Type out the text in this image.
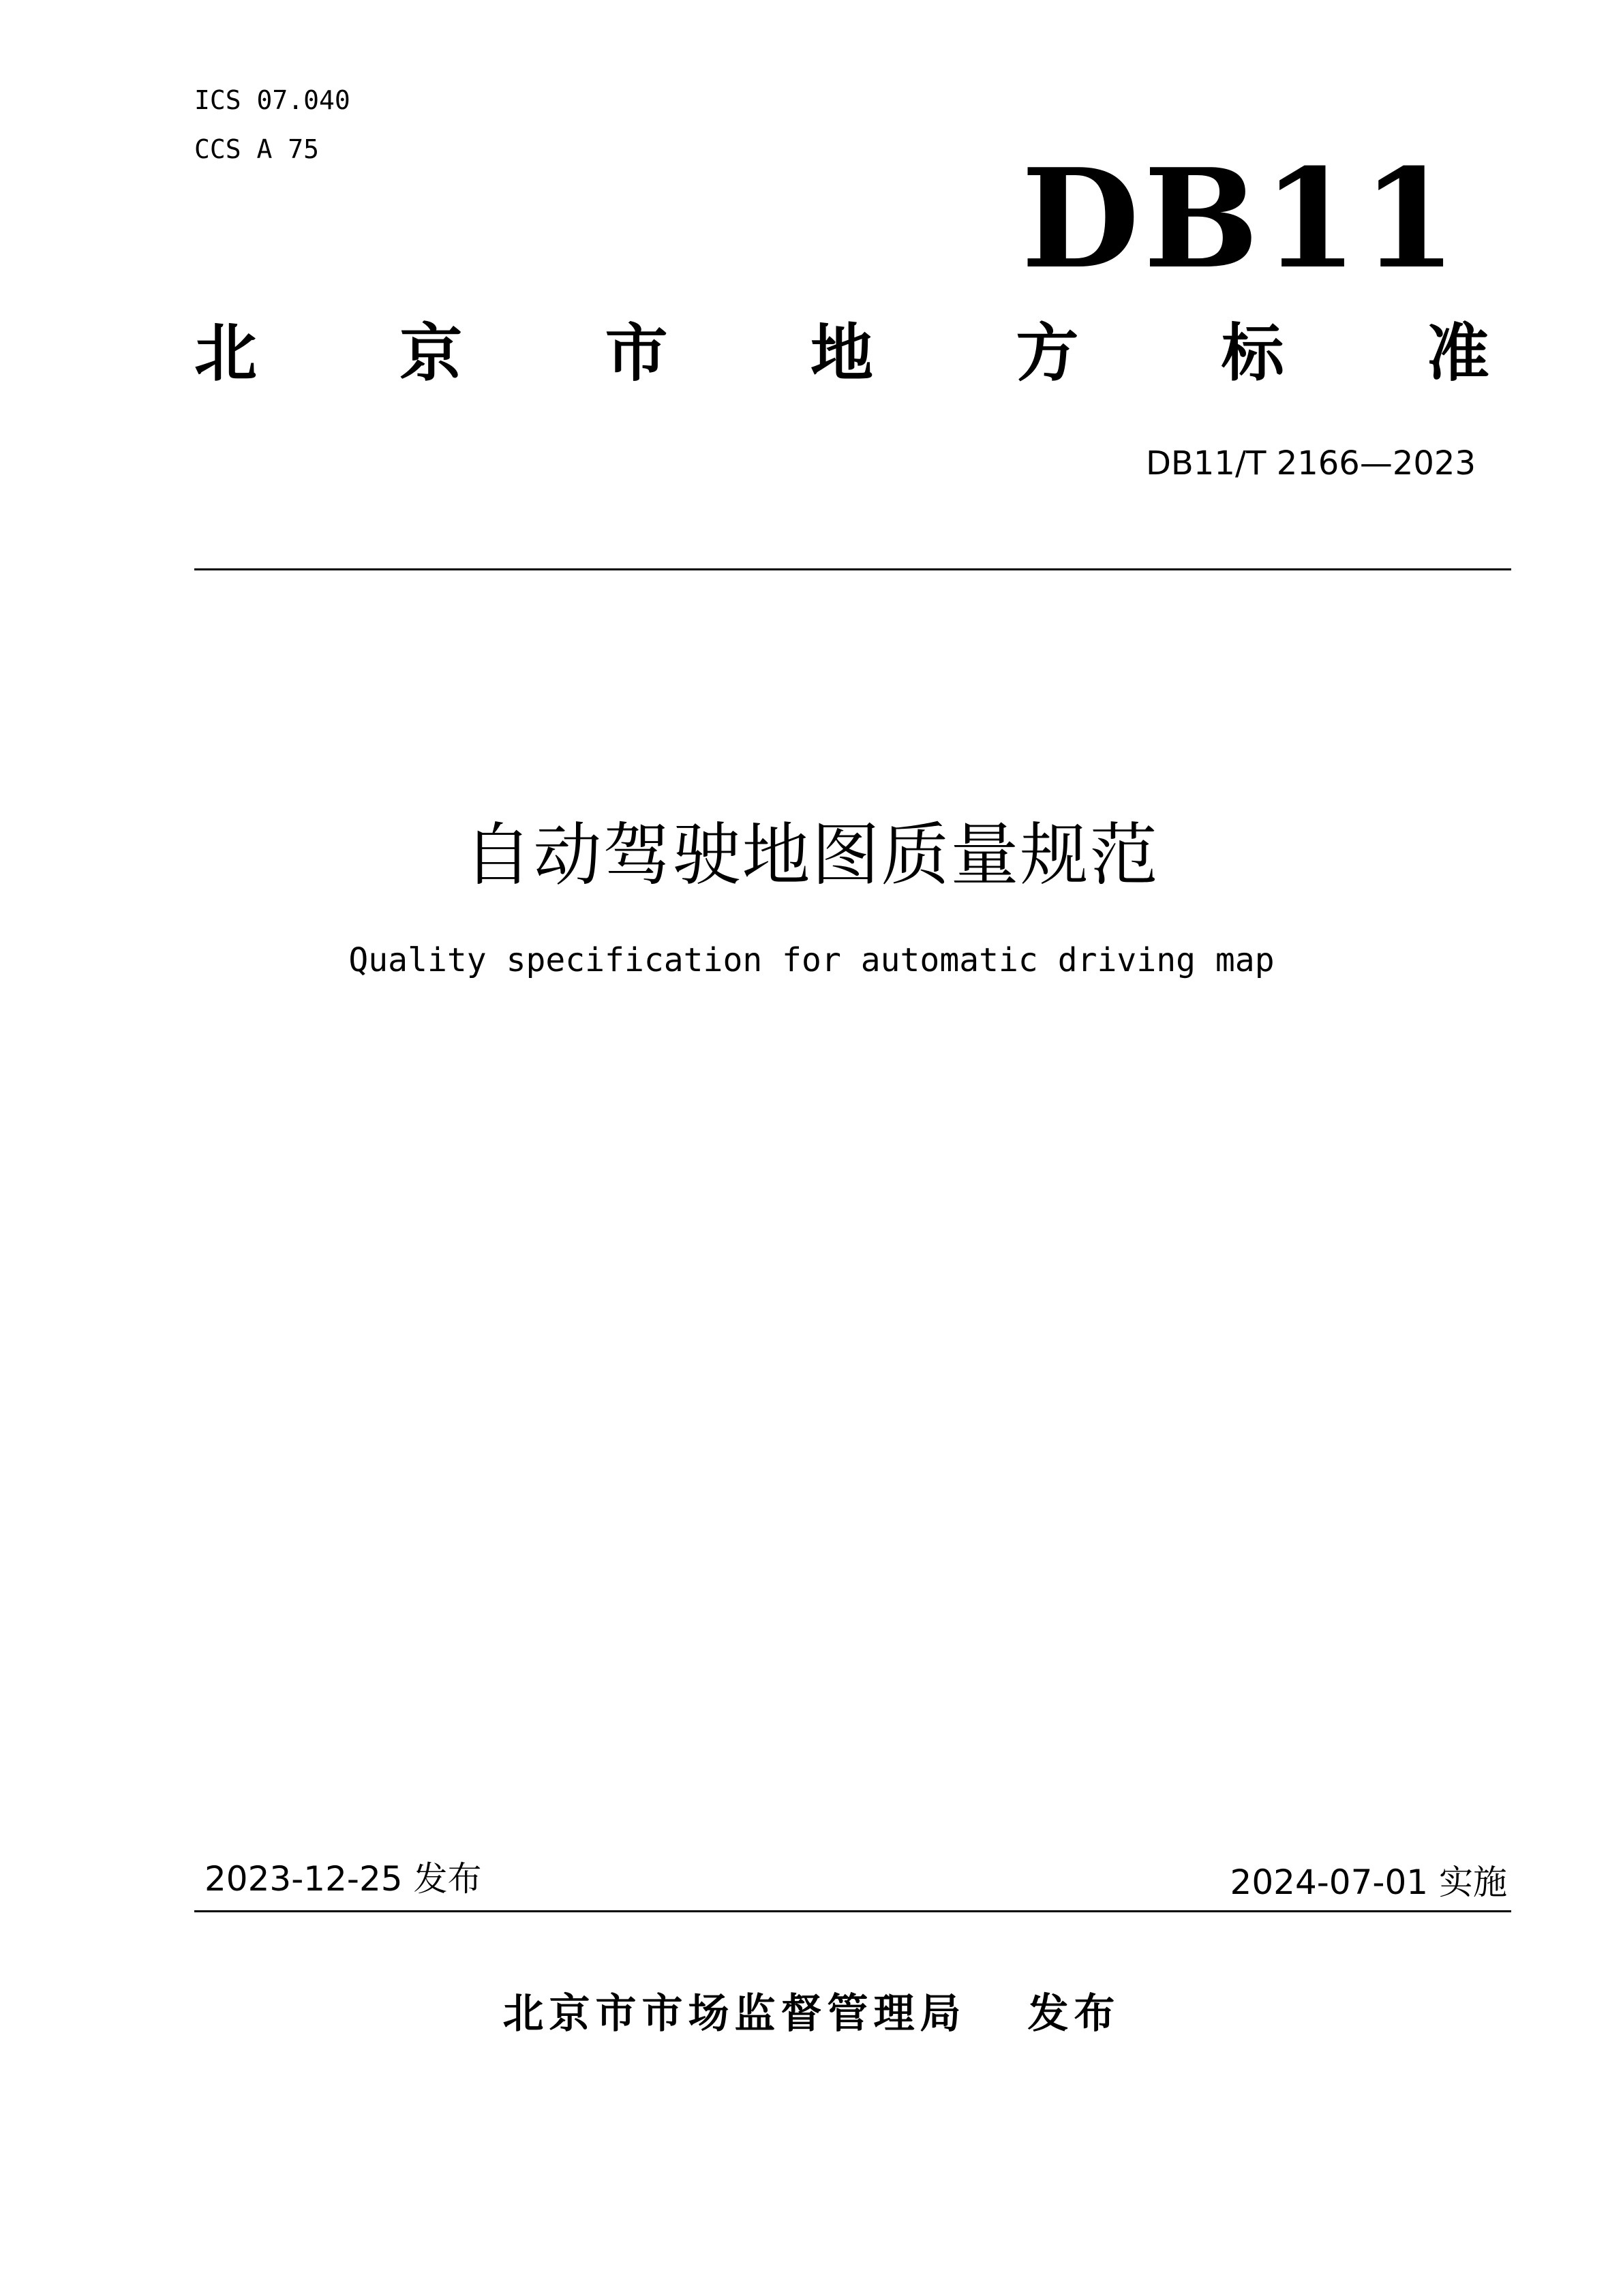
ICS 07.040
CCS A 75	DB11
北 京 市 地 方 标 准
DB11/T 2166—2023
自动驾驶地图质量规范
Quality specification for automatic driving map
2023-12-25 发布	2024-07-01 实施
北京市市场监督管理局 发布
